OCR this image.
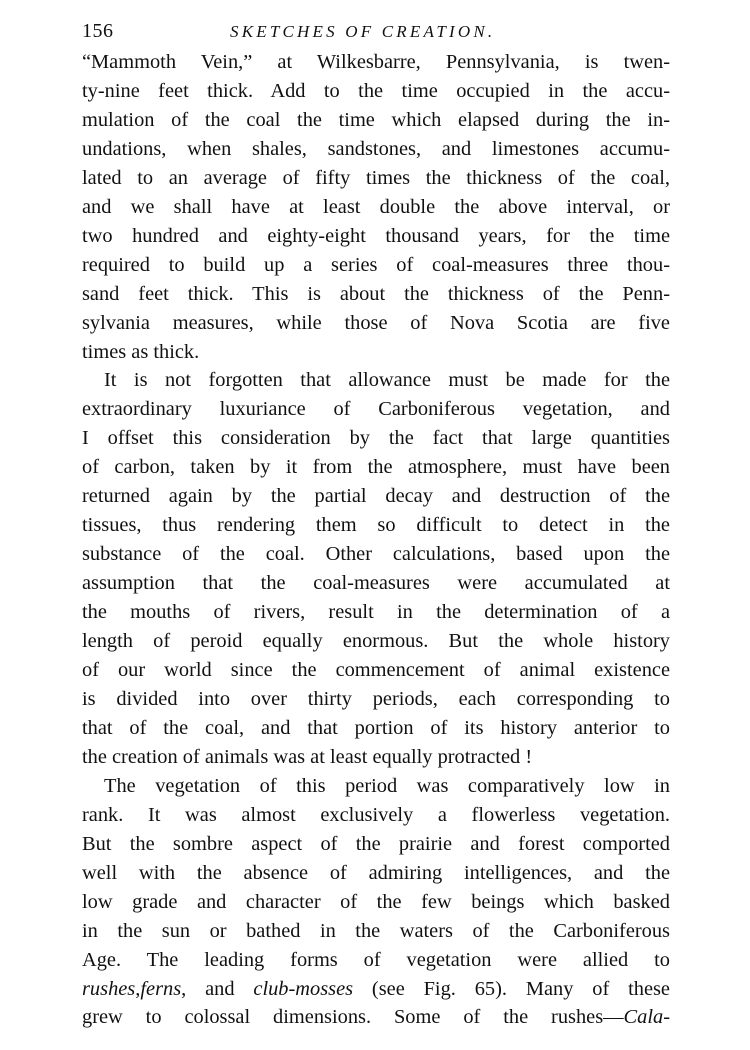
156	SKETCHES OF CREATION.

“Mammoth Vein,” at Wilkesbarre, Pennsylvania, is twen-
ty-nine feet thick. Add to the time occupied in the accu-
mulation of the coal the time which elapsed during the in-
undations, when shales, sandstones, and limestones accumu-
lated to an average of fifty times the thickness of the coal,
and we shall have at least double the above interval, or
two hundred and eighty-eight thousand years, for the time
required to build up a series of coal-measures three thou-
sand feet thick. This is about the thickness of the Penn-
sylvania measures, while those of Nova Scotia are five
times as thick.

It is not forgotten that allowance must be made for the
extraordinary luxuriance of Carboniferous vegetation, and
I offset this consideration by the fact that large quantities
of carbon, taken by it from the atmosphere, must have been
returned again by the partial decay and destruction of the
tissues, thus rendering them so difficult to detect in the
substance of the coal. Other calculations, based upon the
assumption that the coal-measures were accumulated at
the mouths of rivers, result in the determination of a
length of peroid equally enormous. But the whole history
of our world since the commencement of animal existence
is divided into over thirty periods, each corresponding to
that of the coal, and that portion of its history anterior to
the creation of animals was at least equally protracted !

The vegetation of this period was comparatively low in
rank. It was almost exclusively a flowerless vegetation.
But the sombre aspect of the prairie and forest comported
well with the absence of admiring intelligences, and the
low grade and character of the few beings which basked
in the sun or bathed in the waters of the Carboniferous
Age. The leading forms of vegetation were allied to
rushes,ferns, and club-mosses (see Fig. 65). Many of these
grew to colossal dimensions. Some of the rushes—Cala-
